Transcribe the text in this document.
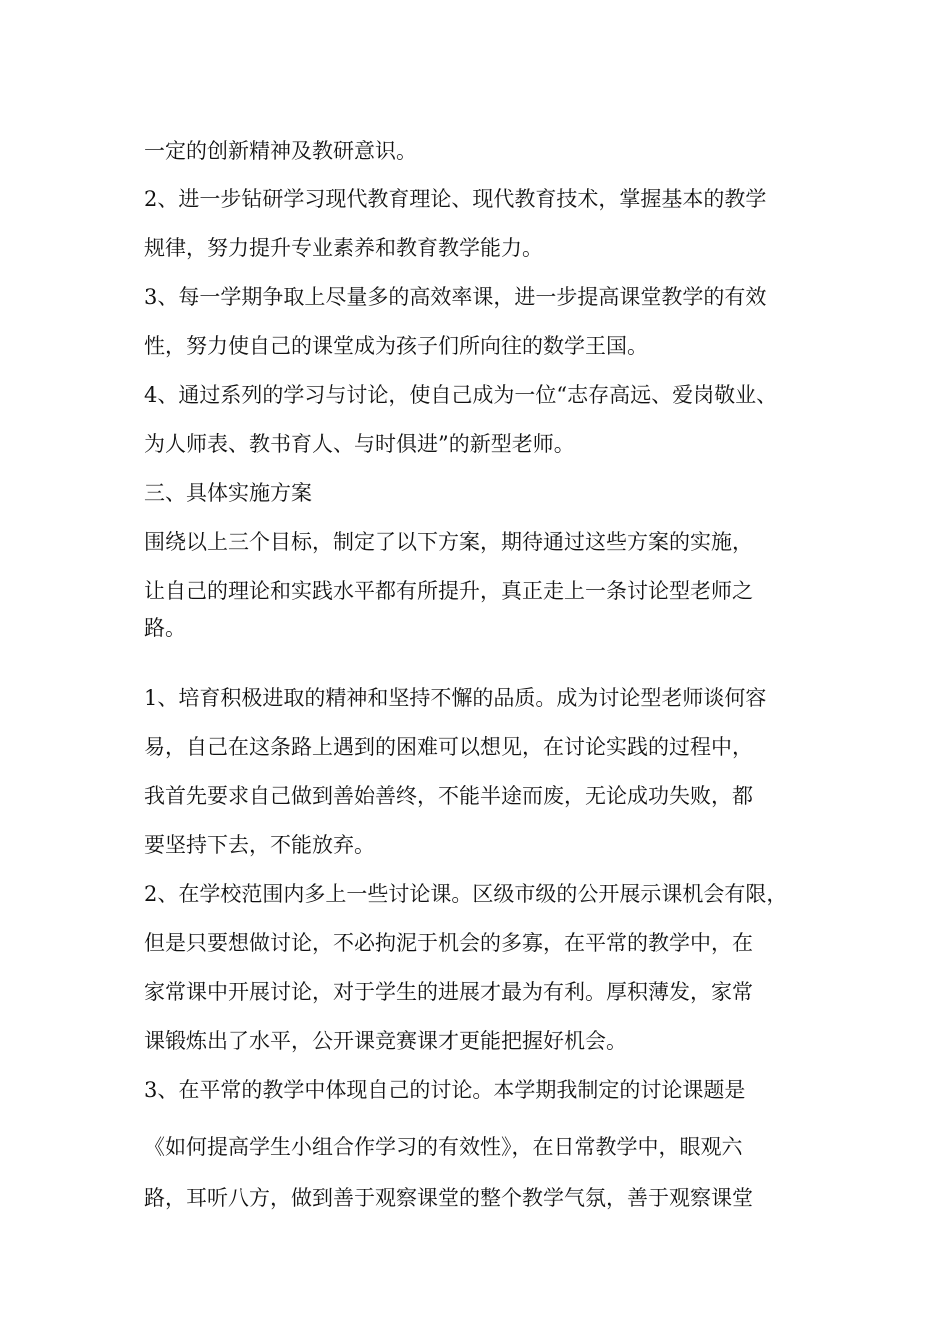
一定的创新精神及教研意识。

2、进一步钻研学习现代教育理论、现代教育技术，掌握基本的教学

规律，努力提升专业素养和教育教学能力。

3、每一学期争取上尽量多的高效率课，进一步提高课堂教学的有效

性，努力使自己的课堂成为孩子们所向往的数学王国。

4、通过系列的学习与讨论，使自己成为一位“志存高远、爱岗敬业、

为人师表、教书育人、与时俱进”的新型老师。

三、具体实施方案

围绕以上三个目标，制定了以下方案，期待通过这些方案的实施，

让自己的理论和实践水平都有所提升，真正走上一条讨论型老师之

路。

1、培育积极进取的精神和坚持不懈的品质。成为讨论型老师谈何容

易，自己在这条路上遇到的困难可以想见，在讨论实践的过程中，

我首先要求自己做到善始善终，不能半途而废，无论成功失败，都

要坚持下去，不能放弃。

2、在学校范围内多上一些讨论课。区级市级的公开展示课机会有限，

但是只要想做讨论，不必拘泥于机会的多寡，在平常的教学中，在

家常课中开展讨论，对于学生的进展才最为有利。厚积薄发，家常

课锻炼出了水平，公开课竞赛课才更能把握好机会。

3、在平常的教学中体现自己的讨论。本学期我制定的讨论课题是

《如何提高学生小组合作学习的有效性》，在日常教学中，眼观六

路，耳听八方，做到善于观察课堂的整个教学气氛，善于观察课堂
